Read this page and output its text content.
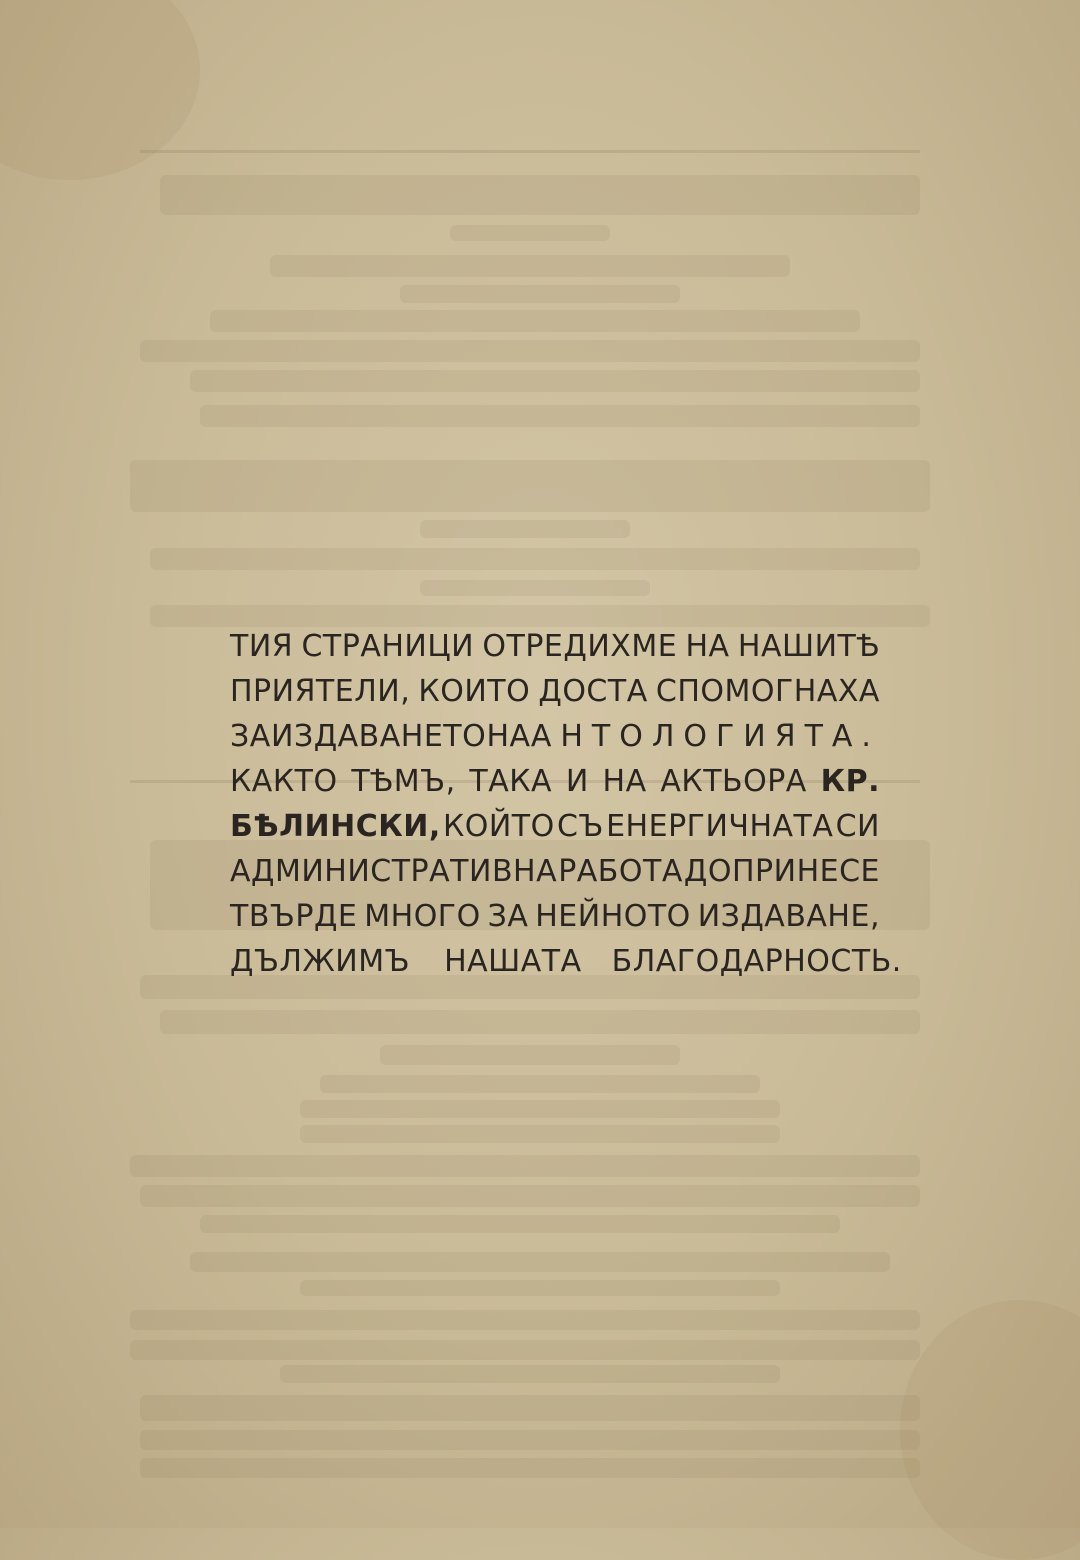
ТИЯ СТРАНИЦИ ОТРЕДИХМЕ НА НАШИТѢ
ПРИЯТЕЛИ, КОИТО ДОСТА СПОМОГНАХА
ЗА ИЗДАВАНЕТО НА АНТОЛОГИЯТА.
КАКТО ТѢМЪ, ТАКА И НА АКТЬОРА КР.
БѢЛИНСКИ, КОЙТО СЪ ЕНЕРГИЧНАТА СИ
АДМИНИСТРАТИВНА РАБОТА ДОПРИНЕСЕ
ТВЪРДЕ МНОГО ЗА НЕЙНОТО ИЗДАВАНЕ,
ДЪЛЖИМЪ НАШАТА БЛАГОДАРНОСТЬ.
